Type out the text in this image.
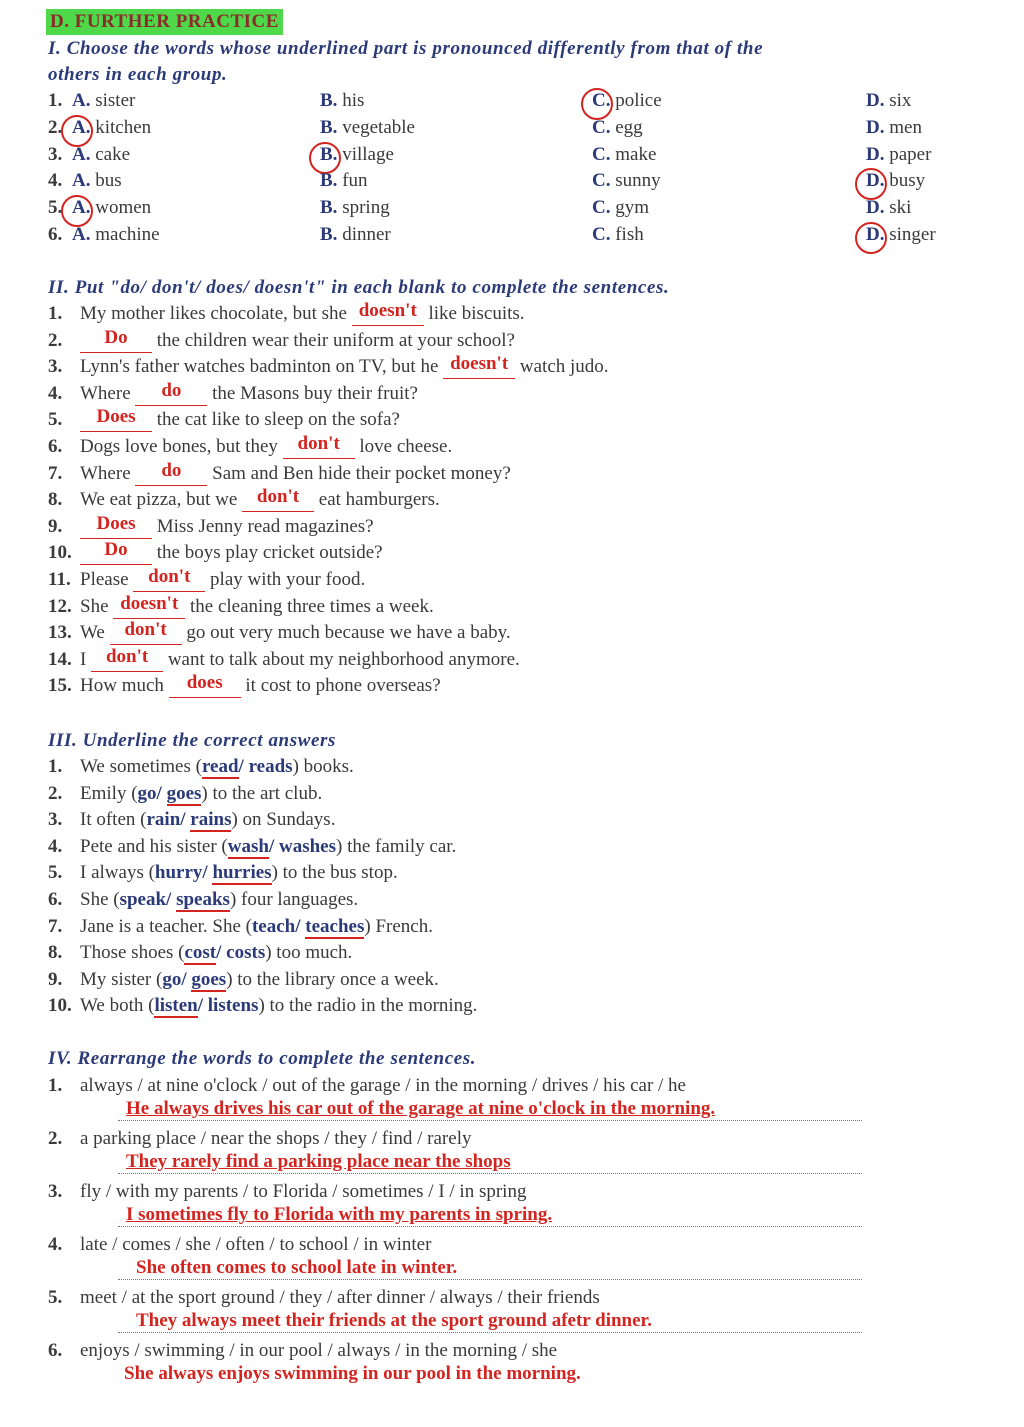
D. FURTHER PRACTICE
I. Choose the words whose underlined part is pronounced differently from that of the
others in each group.
1. A. sister	B. his	C. police	D. six
2. A. kitchen	B. vegetable	C. egg	D. men
3. A. cake	B. village	C. make	D. paper
4. A. bus	B. fun	C. sunny	D. busy
5. A. women	B. spring	C. gym	D. ski
6. A. machine	B. dinner	C. fish	D. singer
II. Put "do/ don't/ does/ doesn't" in each blank to complete the sentences.
1. My mother likes chocolate, but she doesn't like biscuits.
2.	Do the children wear their uniform at your school?
3. Lynn's father watches badminton on TV, but he doesn't watch judo.
4. Where do the Masons buy their fruit?
5.	Does the cat like to sleep on the sofa?
6. Dogs love bones, but they don't love cheese.
7. Where do Sam and Ben hide their pocket money?
8. We eat pizza, but we don't eat hamburgers.
9.	Does Miss Jenny read magazines?
10.	Do the boys play cricket outside?
11. Please don't play with your food.
12. She doesn't the cleaning three times a week.
13. We don't go out very much because we have a baby.
14. I don't want to talk about my neighborhood anymore.
15. How much does it cost to phone overseas?
III. Underline the correct answers
1. We sometimes (read/ reads) books.
2. Emily (go/ goes) to the art club.
3. It often (rain/ rains) on Sundays.
4. Pete and his sister (wash/ washes) the family car.
5. I always (hurry/ hurries) to the bus stop.
6. She (speak/ speaks) four languages.
7. Jane is a teacher. She (teach/ teaches) French.
8. Those shoes (cost/ costs) too much.
9. My sister (go/ goes) to the library once a week.
10. We both (listen/ listens) to the radio in the morning.
IV. Rearrange the words to complete the sentences.
1. always / at nine o'clock / out of the garage / in the morning / drives / his car / he
He always drives his car out of the garage at nine o'clock in the morning.
2. a parking place / near the shops / they / find / rarely
They rarely find a parking place near the shops
3. fly / with my parents / to Florida / sometimes / I / in spring
I sometimes fly to Florida with my parents in spring.
4. late / comes / she / often / to school / in winter
She often comes to school late in winter.
5. meet / at the sport ground / they / after dinner / always / their friends
They always meet their friends at the sport ground afetr dinner.
6. enjoys / swimming / in our pool / always / in the morning / she
She always enjoys swimming in our pool in the morning.
